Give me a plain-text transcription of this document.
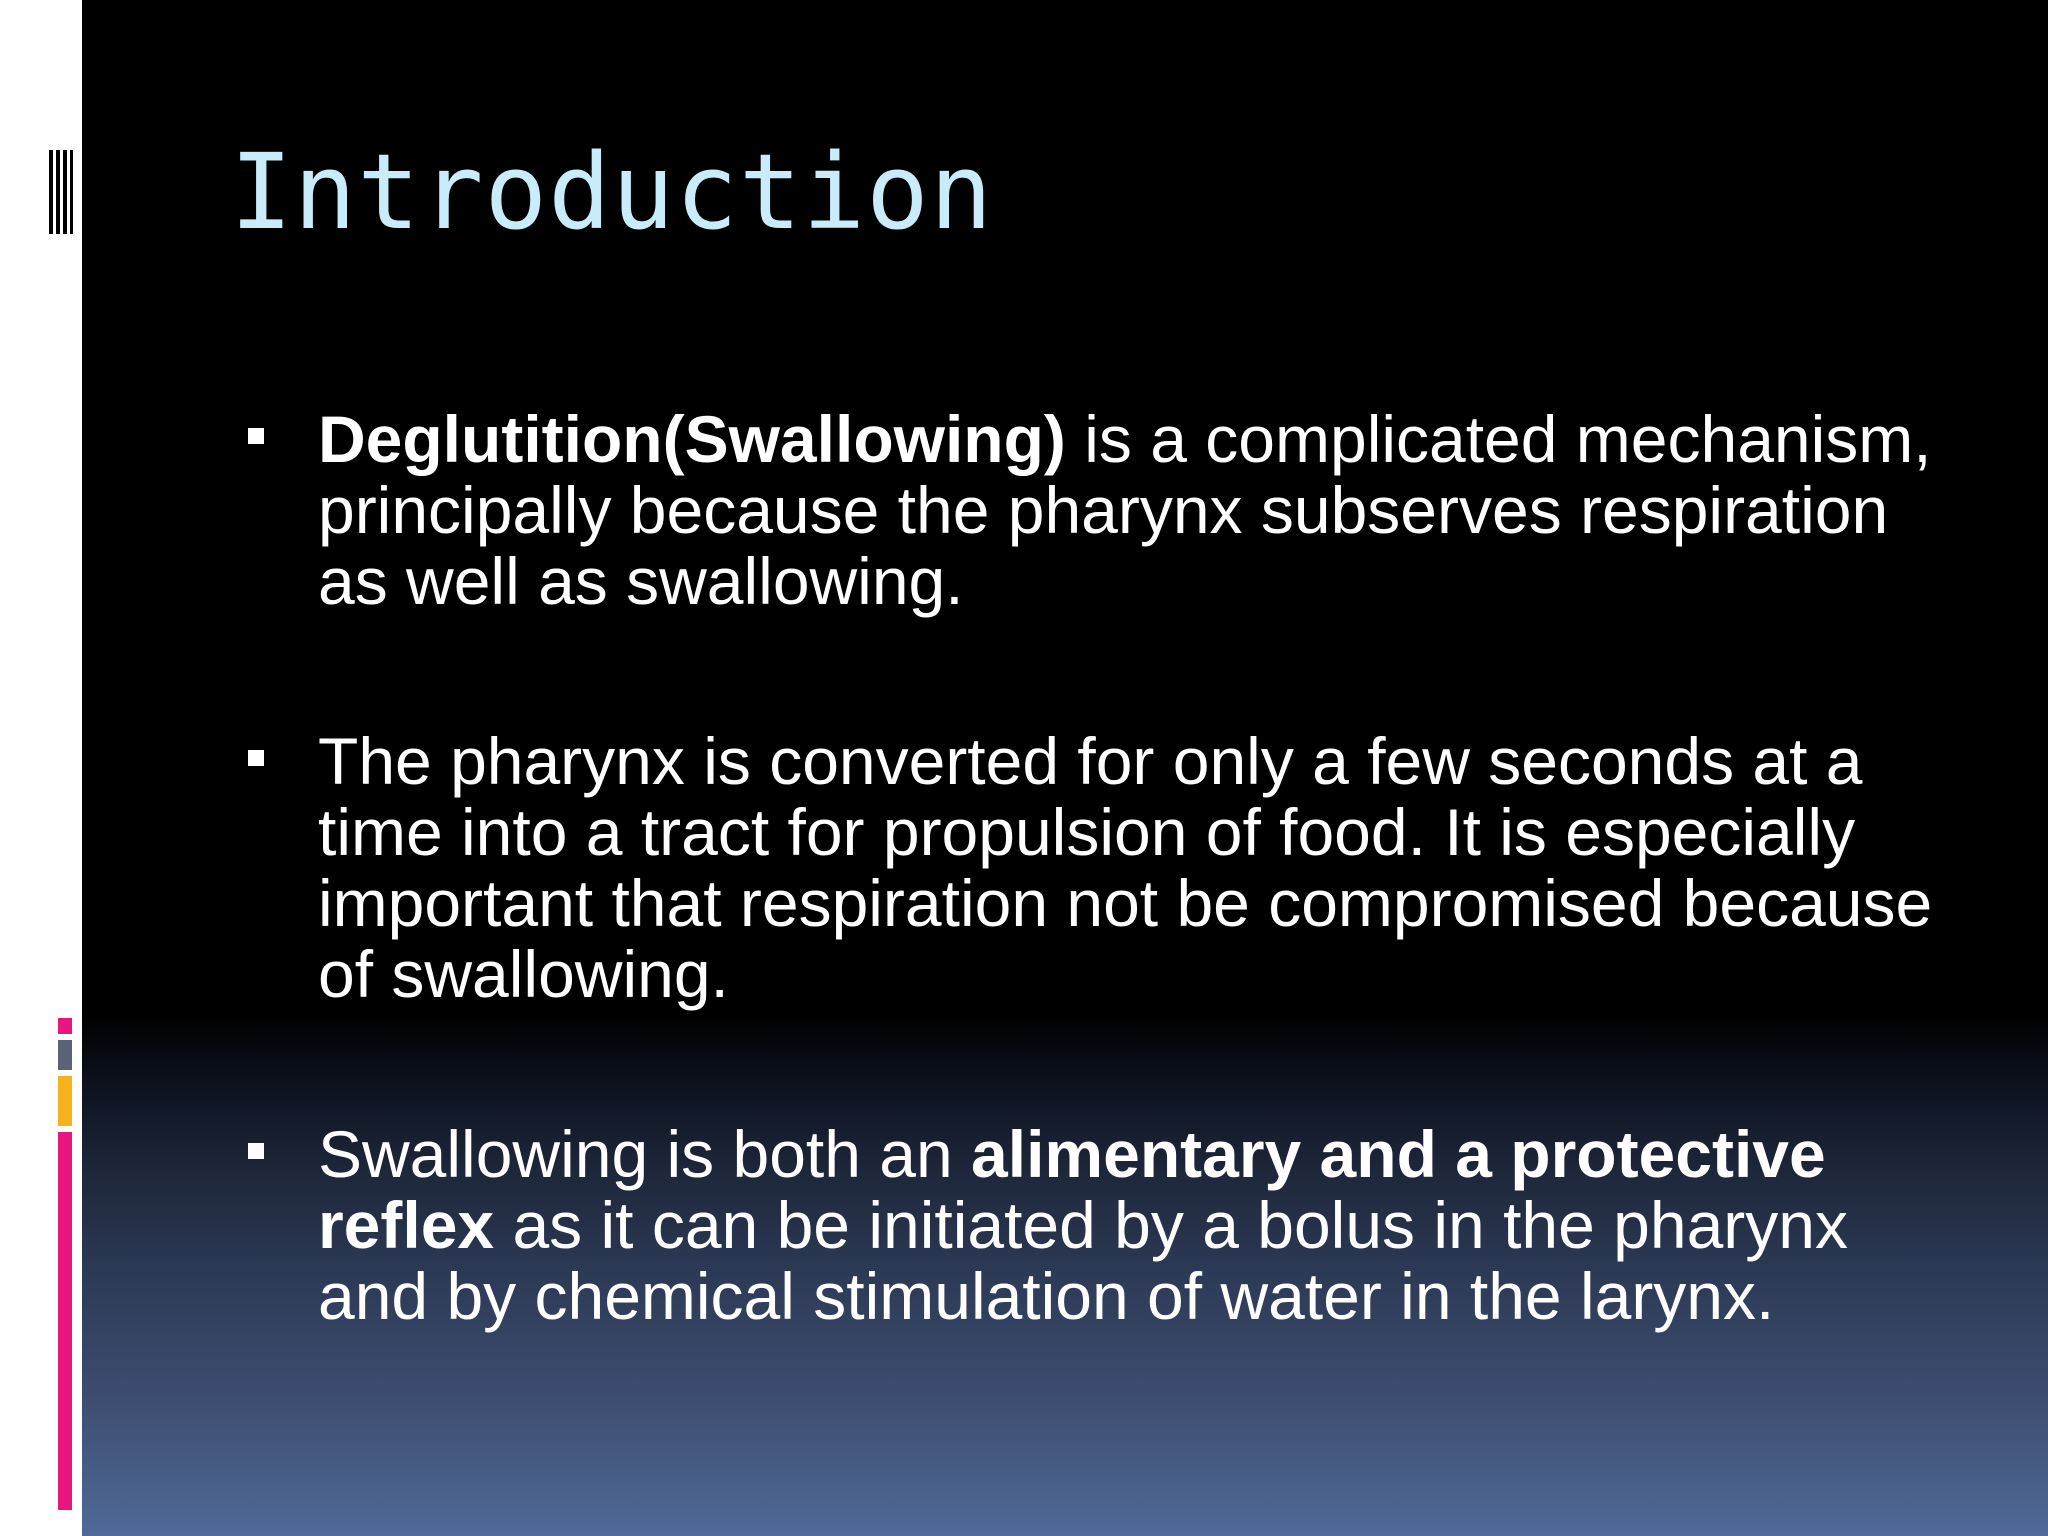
Introduction
Deglutition(Swallowing) is a complicated mechanism, principally because the pharynx subserves respiration as well as swallowing.
The pharynx is converted for only a few seconds at a time into a tract for propulsion of food. It is especially important that respiration not be compromised because of swallowing.
Swallowing is both an alimentary and a protective reflex as it can be initiated by a bolus in the pharynx and by chemical stimulation of water in the larynx.
